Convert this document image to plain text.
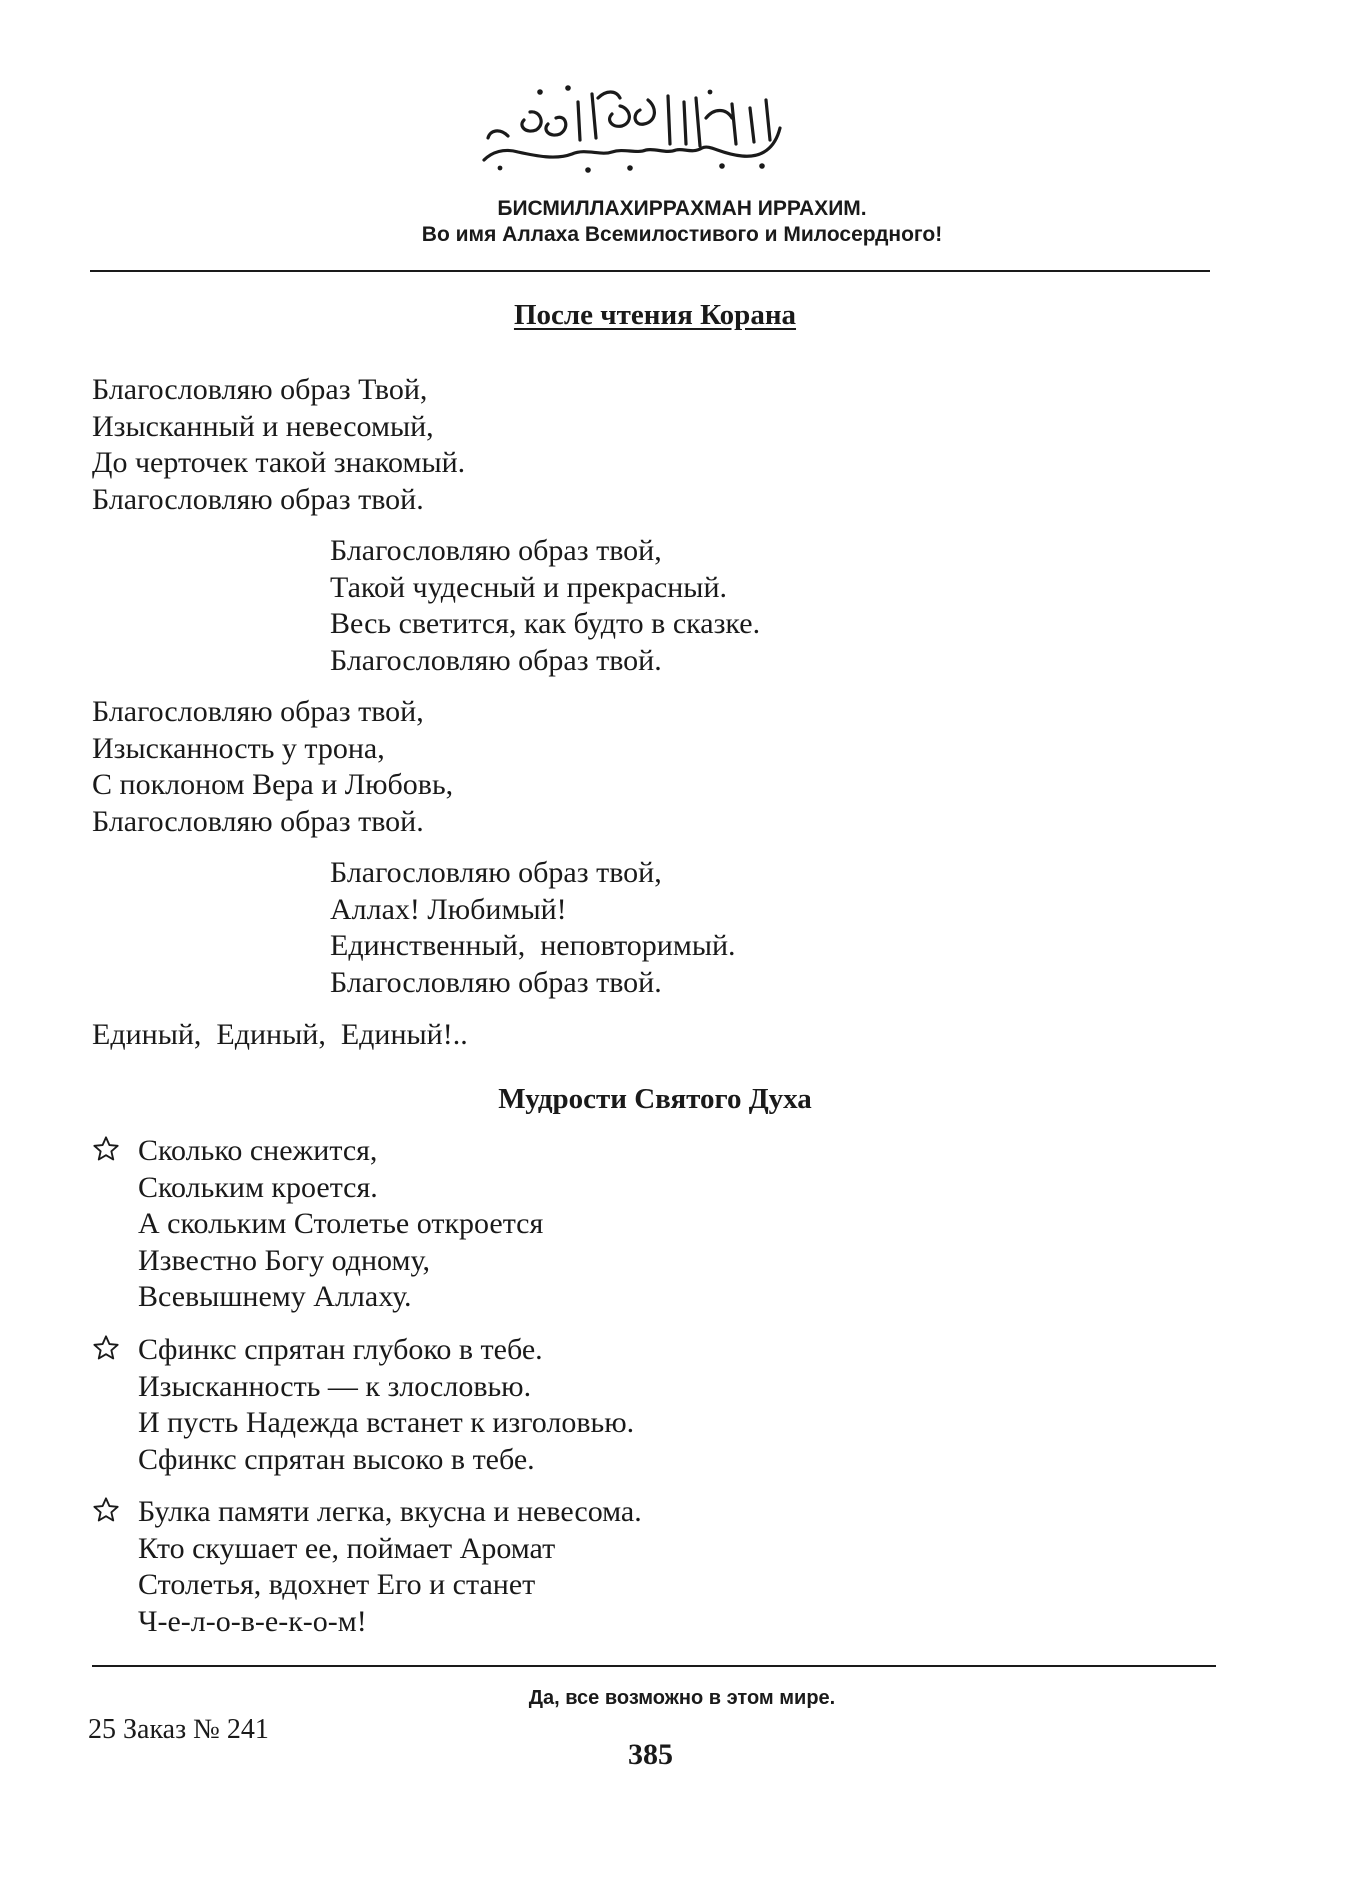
БИСМИЛЛАХИРРАХМАН ИРРАХИМ.
Во имя Аллаха Всемилостивого и Милосердного!
После чтения Корана
Благословляю образ Твой,
Изысканный и невесомый,
До черточек такой знакомый.
Благословляю образ твой.
Благословляю образ твой,
Такой чудесный и прекрасный.
Весь светится, как будто в сказке.
Благословляю образ твой.
Благословляю образ твой,
Изысканность у трона,
С поклоном Вера и Любовь,
Благословляю образ твой.
Благословляю образ твой,
Аллах! Любимый!
Единственный,  неповторимый.
Благословляю образ твой.
Единый,  Единый,  Единый!..
Мудрости Святого Духа
Сколько снежится,
Скольким кроется.
А скольким Столетье откроется
Известно Богу одному,
Всевышнему Аллаху.
Сфинкс спрятан глубоко в тебе.
Изысканность — к злословью.
И пусть Надежда встанет к изголовью.
Сфинкс спрятан высоко в тебе.
Булка памяти легка, вкусна и невесома.
Кто скушает ее, поймает Аромат
Столетья, вдохнет Его и станет
Ч-е-л-о-в-е-к-о-м!
Да, все возможно в этом мире.
25 Заказ № 241
385
